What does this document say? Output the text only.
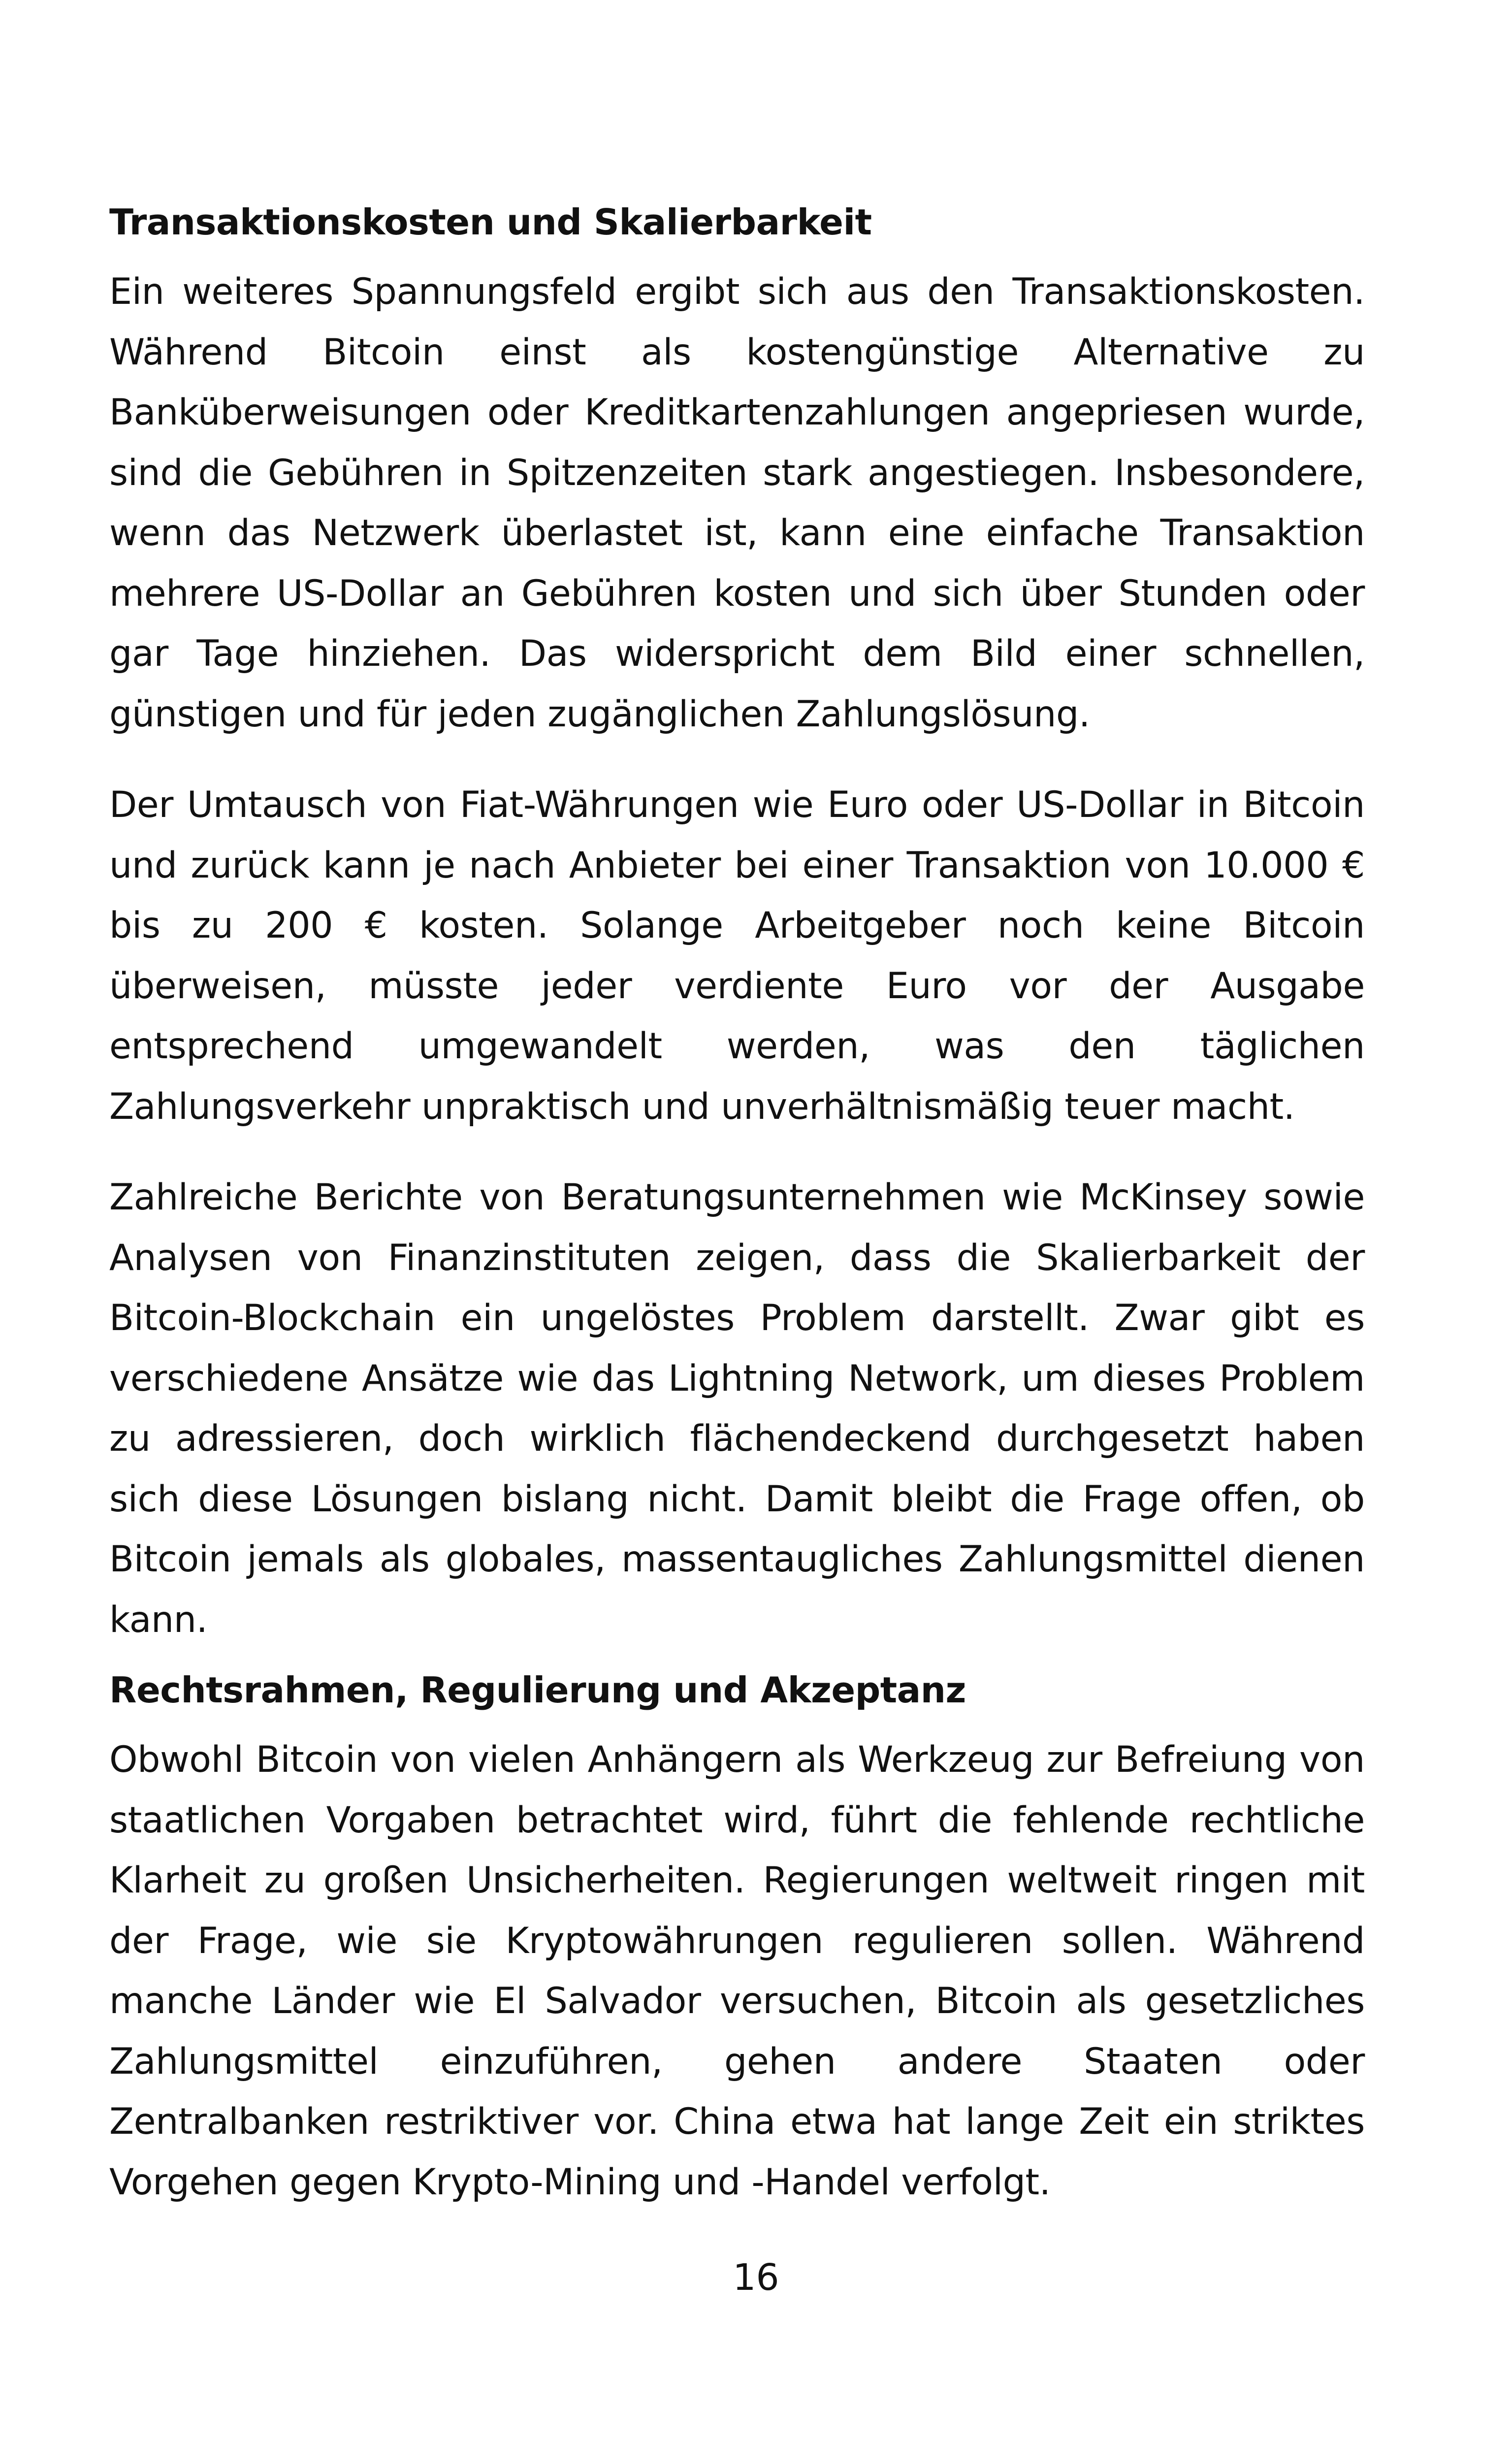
Transaktionskosten und Skalierbarkeit

Ein weiteres Spannungsfeld ergibt sich aus den Transaktionskosten. Während Bitcoin einst als kostengünstige Alternative zu Banküberweisungen oder Kreditkartenzahlungen angepriesen wurde, sind die Gebühren in Spitzenzeiten stark angestiegen. Insbesondere, wenn das Netzwerk überlastet ist, kann eine einfache Transaktion mehrere US-Dollar an Gebühren kosten und sich über Stunden oder gar Tage hinziehen. Das widerspricht dem Bild einer schnellen, günstigen und für jeden zugänglichen Zahlungslösung.

Der Umtausch von Fiat-Währungen wie Euro oder US-Dollar in Bitcoin und zurück kann je nach Anbieter bei einer Transaktion von 10.000 € bis zu 200 € kosten. Solange Arbeitgeber noch keine Bitcoin überweisen, müsste jeder verdiente Euro vor der Ausgabe entsprechend umgewandelt werden, was den täglichen Zahlungsverkehr unpraktisch und unverhältnismäßig teuer macht.

Zahlreiche Berichte von Beratungsunternehmen wie McKinsey sowie Analysen von Finanzinstituten zeigen, dass die Skalierbarkeit der Bitcoin-Blockchain ein ungelöstes Problem darstellt. Zwar gibt es verschiedene Ansätze wie das Lightning Network, um dieses Problem zu adressieren, doch wirklich flächendeckend durchgesetzt haben sich diese Lösungen bislang nicht. Damit bleibt die Frage offen, ob Bitcoin jemals als globales, massentaugliches Zahlungsmittel dienen kann.

Rechtsrahmen, Regulierung und Akzeptanz

Obwohl Bitcoin von vielen Anhängern als Werkzeug zur Befreiung von staatlichen Vorgaben betrachtet wird, führt die fehlende rechtliche Klarheit zu großen Unsicherheiten. Regierungen weltweit ringen mit der Frage, wie sie Kryptowährungen regulieren sollen. Während manche Länder wie El Salvador versuchen, Bitcoin als gesetzliches Zahlungsmittel einzuführen, gehen andere Staaten oder Zentralbanken restriktiver vor. China etwa hat lange Zeit ein striktes Vorgehen gegen Krypto-Mining und -Handel verfolgt.

16
